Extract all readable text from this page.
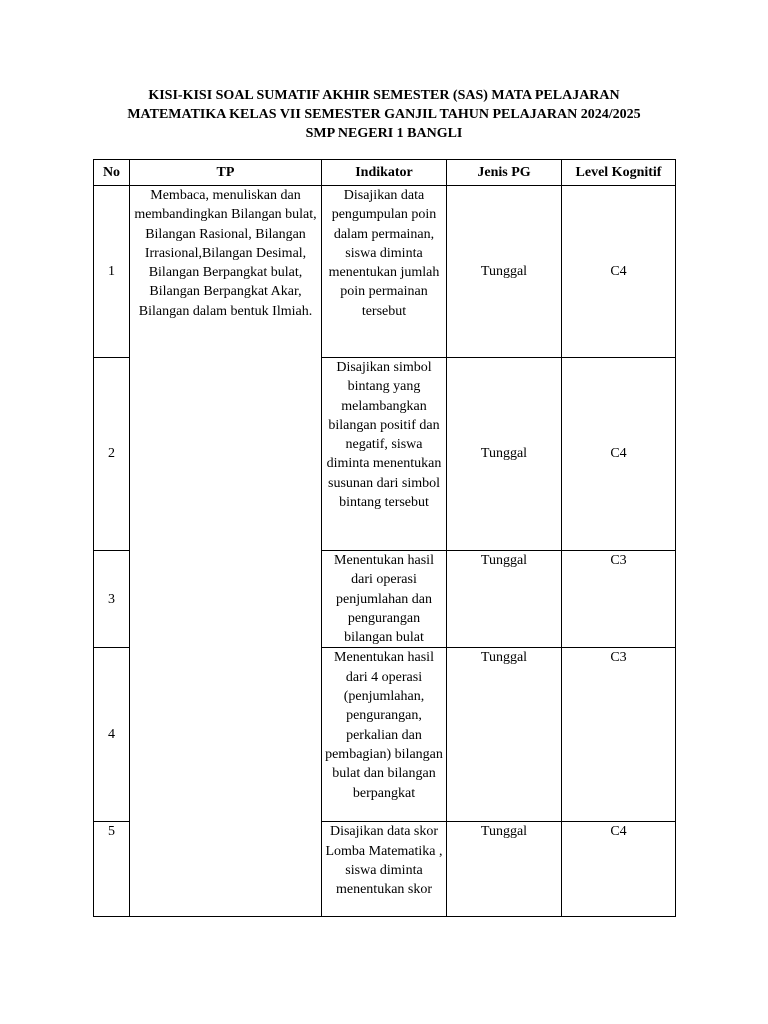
KISI-KISI SOAL SUMATIF AKHIR SEMESTER (SAS) MATA PELAJARAN
MATEMATIKA KELAS VII SEMESTER GANJIL TAHUN PELAJARAN 2024/2025
SMP NEGERI 1 BANGLI
No	TP	Indikator	Jenis PG	Level Kognitif
1	Membaca, menuliskan dan membandingkan Bilangan bulat, Bilangan Rasional, Bilangan Irrasional,Bilangan Desimal, Bilangan Berpangkat bulat, Bilangan Berpangkat Akar, Bilangan dalam bentuk Ilmiah.	Disajikan data pengumpulan poin dalam permainan, siswa diminta menentukan jumlah poin permainan tersebut	Tunggal	C4
2		Disajikan simbol bintang yang melambangkan bilangan positif dan negatif, siswa diminta menentukan susunan dari simbol bintang tersebut	Tunggal	C4
3		Menentukan hasil dari operasi penjumlahan dan pengurangan bilangan bulat	Tunggal	C3
4		Menentukan hasil dari 4 operasi (penjumlahan, pengurangan, perkalian dan pembagian) bilangan bulat dan bilangan berpangkat	Tunggal	C3
5		Disajikan data skor Lomba Matematika , siswa diminta menentukan skor	Tunggal	C4
